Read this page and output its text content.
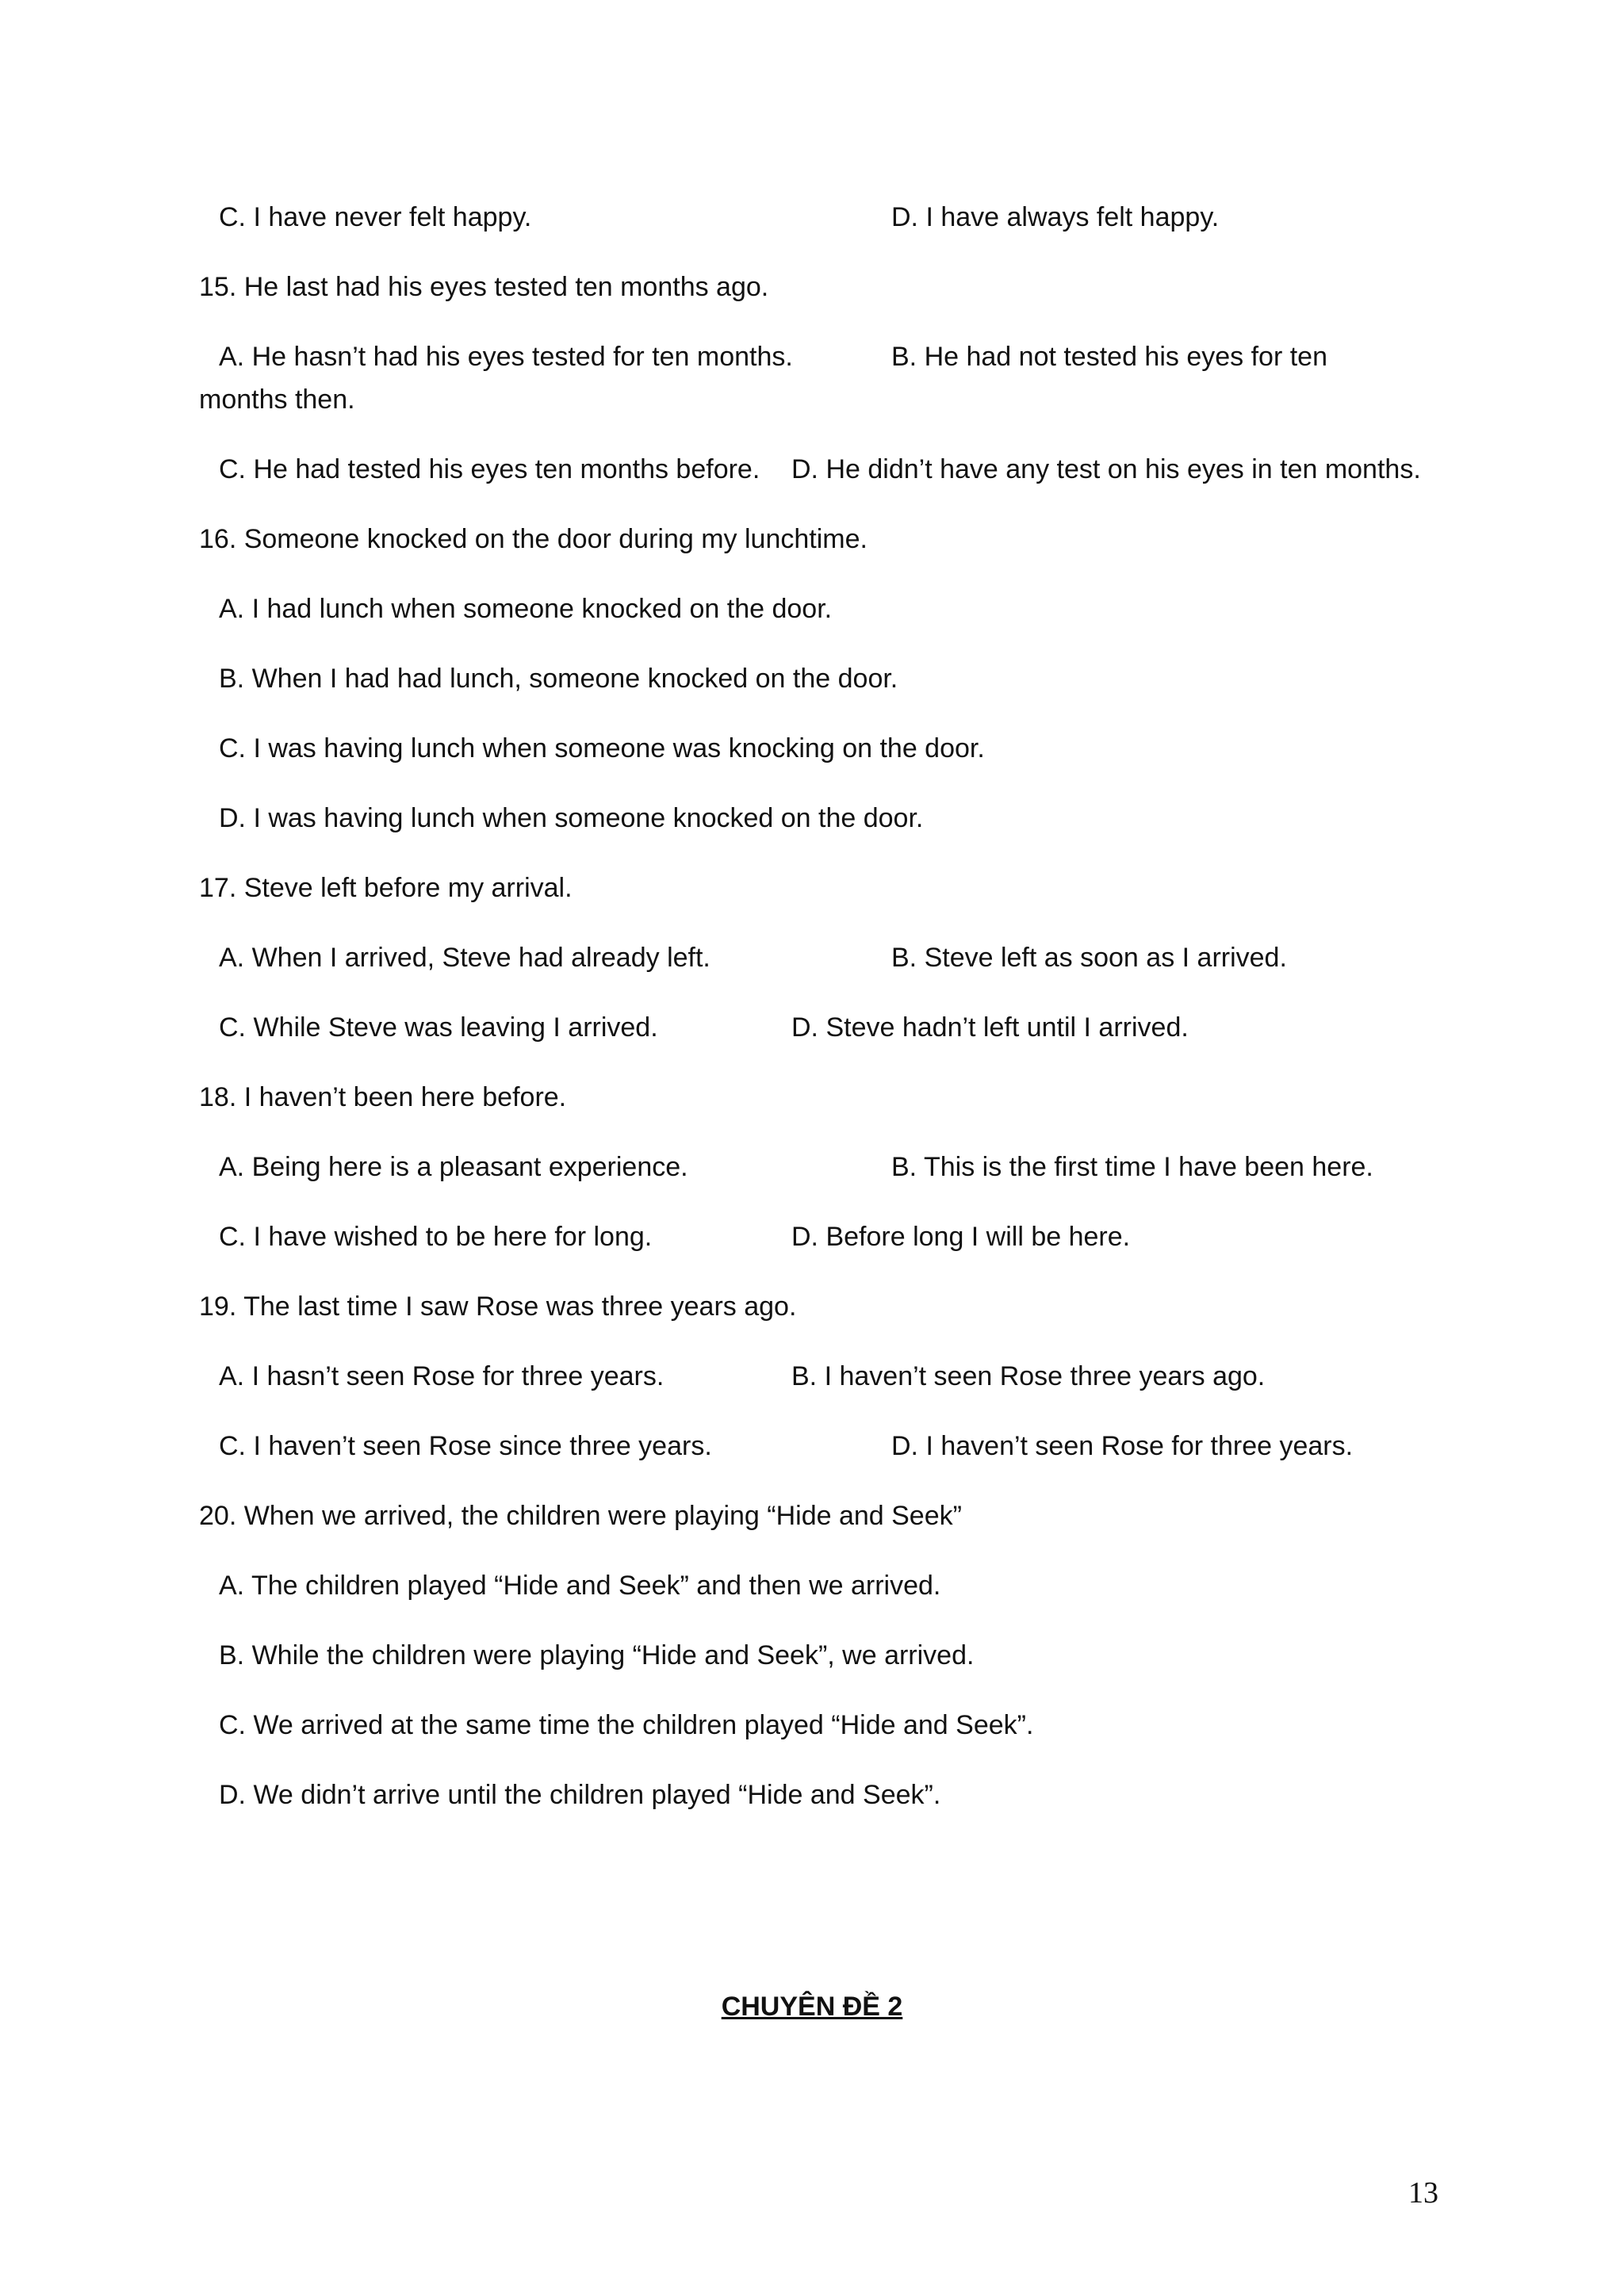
C. I have never felt happy.	D. I have always felt happy.
15. He last had his eyes tested ten months ago.
A. He hasn’t had his eyes tested for ten months.	B. He had not tested his eyes for ten
months then.
C. He had tested his eyes ten months before. D. He didn’t have any test on his eyes in ten months.
16. Someone knocked on the door during my lunchtime.
A. I had lunch when someone knocked on the door.
B. When I had had lunch, someone knocked on the door.
C. I was having lunch when someone was knocking on the door.
D. I was having lunch when someone knocked on the door.
17. Steve left before my arrival.
A. When I arrived, Steve had already left.	B. Steve left as soon as I arrived.
C. While Steve was leaving I arrived.	D. Steve hadn’t left until I arrived.
18. I haven’t been here before.
A. Being here is a pleasant experience.	B. This is the first time I have been here.
C. I have wished to be here for long.	D. Before long I will be here.
19. The last time I saw Rose was three years ago.
A. I hasn’t seen Rose for three years.	B. I haven’t seen Rose three years ago.
C. I haven’t seen Rose since three years.	D. I haven’t seen Rose for three years.
20. When we arrived, the children were playing “Hide and Seek”
A. The children played “Hide and Seek” and then we arrived.
B. While the children were playing “Hide and Seek”, we arrived.
C. We arrived at the same time the children played “Hide and Seek”.
D. We didn’t arrive until the children played “Hide and Seek”.
CHUYÊN ĐỀ 2
13
